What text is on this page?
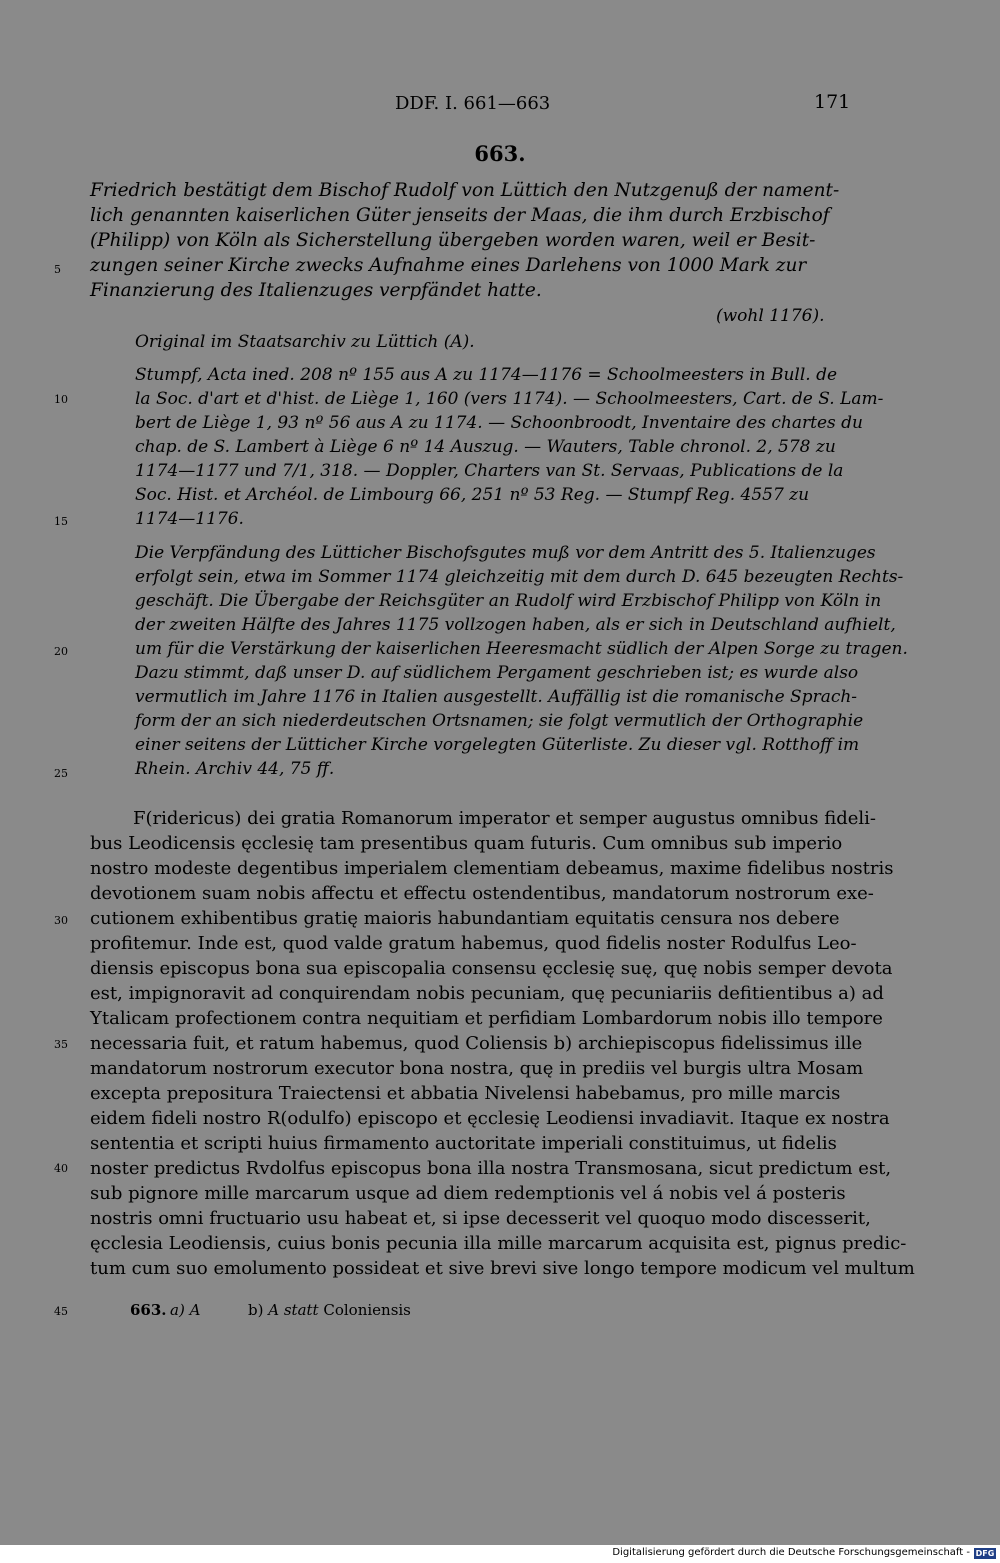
DDF. I. 661—663	171
663.
Friedrich bestätigt dem Bischof Rudolf von Lüttich den Nutzgenuß der nament-
lich genannten kaiserlichen Güter jenseits der Maas, die ihm durch Erzbischof
(Philipp) von Köln als Sicherstellung übergeben worden waren, weil er Besit-
zungen seiner Kirche zwecks Aufnahme eines Darlehens von 1000 Mark zur
Finanzierung des Italienzuges verpfändet hatte.
(wohl 1176).
Original im Staatsarchiv zu Lüttich (A).
Stumpf, Acta ined. 208 nº 155 aus A zu 1174—1176 = Schoolmeesters in Bull. de
la Soc. d'art et d'hist. de Liège 1, 160 (vers 1174). — Schoolmeesters, Cart. de S. Lam-
bert de Liège 1, 93 nº 56 aus A zu 1174. — Schoonbroodt, Inventaire des chartes du
chap. de S. Lambert à Liège 6 nº 14 Auszug. — Wauters, Table chronol. 2, 578 zu
1174—1177 und 7/1, 318. — Doppler, Charters van St. Servaas, Publications de la
Soc. Hist. et Archéol. de Limbourg 66, 251 nº 53 Reg. — Stumpf Reg. 4557 zu
1174—1176.
Die Verpfändung des Lütticher Bischofsgutes muß vor dem Antritt des 5. Italienzuges
erfolgt sein, etwa im Sommer 1174 gleichzeitig mit dem durch D. 645 bezeugten Rechts-
geschäft. Die Übergabe der Reichsgüter an Rudolf wird Erzbischof Philipp von Köln in
der zweiten Hälfte des Jahres 1175 vollzogen haben, als er sich in Deutschland aufhielt,
um für die Verstärkung der kaiserlichen Heeresmacht südlich der Alpen Sorge zu tragen.
Dazu stimmt, daß unser D. auf südlichem Pergament geschrieben ist; es wurde also
vermutlich im Jahre 1176 in Italien ausgestellt. Auffällig ist die romanische Sprach-
form der an sich niederdeutschen Ortsnamen; sie folgt vermutlich der Orthographie
einer seitens der Lütticher Kirche vorgelegten Güterliste. Zu dieser vgl. Rotthoff im
Rhein. Archiv 44, 75 ff.
F(ridericus) dei gratia Romanorum imperator et semper augustus omnibus fideli-
bus Leodicensis ęcclesię tam presentibus quam futuris. Cum omnibus sub imperio
nostro modeste degentibus imperialem clementiam debeamus, maxime fidelibus nostris
devotionem suam nobis affectu et effectu ostendentibus, mandatorum nostrorum exe-
cutionem exhibentibus gratię maioris habundantiam equitatis censura nos debere
profitemur. Inde est, quod valde gratum habemus, quod fidelis noster Rodulfus Leo-
diensis episcopus bona sua episcopalia consensu ęcclesię suę, quę nobis semper devota
est, impignoravit ad conquirendam nobis pecuniam, quę pecuniariis defitientibus a) ad
Ytalicam profectionem contra nequitiam et perfidiam Lombardorum nobis illo tempore
necessaria fuit, et ratum habemus, quod Coliensis b) archiepiscopus fidelissimus ille
mandatorum nostrorum executor bona nostra, quę in prediis vel burgis ultra Mosam
excepta prepositura Traiectensi et abbatia Nivelensi habebamus, pro mille marcis
eidem fideli nostro R(odulfo) episcopo et ęcclesię Leodiensi invadiavit. Itaque ex nostra
sententia et scripti huius firmamento auctoritate imperiali constituimus, ut fidelis
noster predictus Rvdolfus episcopus bona illa nostra Transmosana, sicut predictum est,
sub pignore mille marcarum usque ad diem redemptionis vel á nobis vel á posteris
nostris omni fructuario usu habeat et, si ipse decesserit vel quoquo modo discesserit,
ęcclesia Leodiensis, cuius bonis pecunia illa mille marcarum acquisita est, pignus predic-
tum cum suo emolumento possideat et sive brevi sive longo tempore modicum vel multum
5
10
15
20
25
30
35
40
45	663. a) A	b) A statt Coloniensis
Digitalisierung gefördert durch die Deutsche Forschungsgemeinschaft - DFG
